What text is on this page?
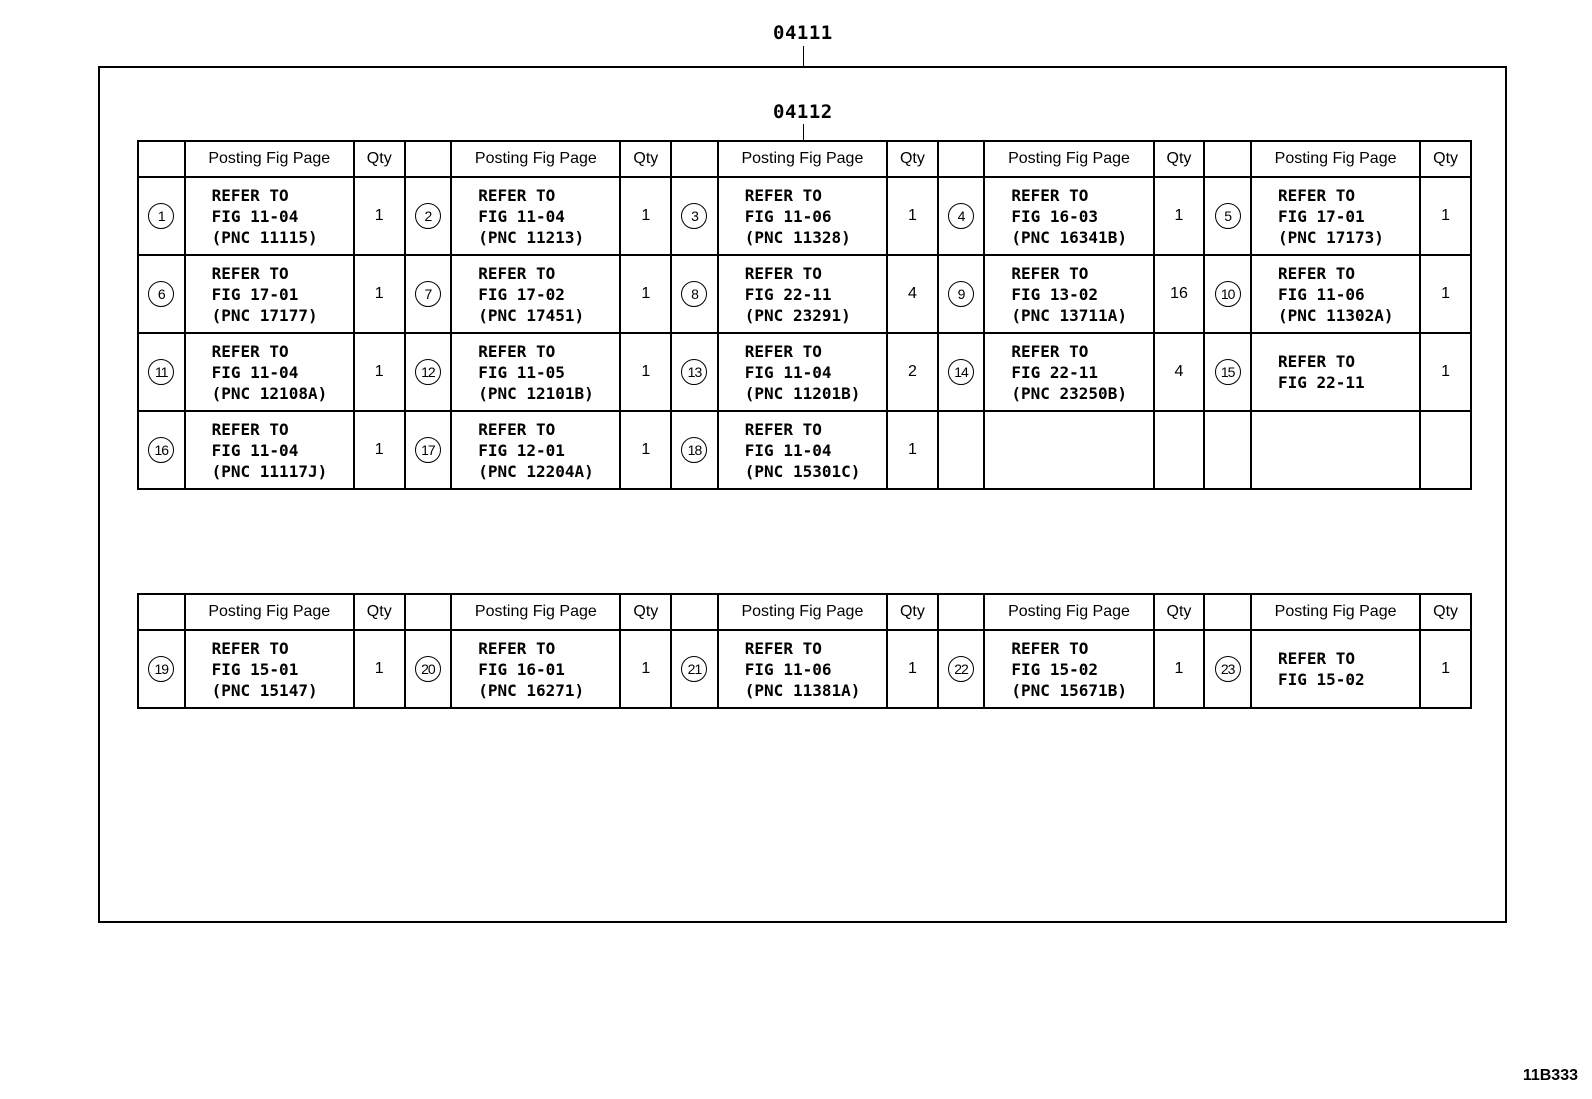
04111
04112
	Posting Fig Page	Qty		Posting Fig Page	Qty		Posting Fig Page	Qty		Posting Fig Page	Qty		Posting Fig Page	Qty
1	REFER TO
FIG 11-04
(PNC 11115)	1	2	REFER TO
FIG 11-04
(PNC 11213)	1	3	REFER TO
FIG 11-06
(PNC 11328)	1	4	REFER TO
FIG 16-03
(PNC 16341B)	1	5	REFER TO
FIG 17-01
(PNC 17173)	1
6	REFER TO
FIG 17-01
(PNC 17177)	1	7	REFER TO
FIG 17-02
(PNC 17451)	1	8	REFER TO
FIG 22-11
(PNC 23291)	4	9	REFER TO
FIG 13-02
(PNC 13711A)	16	10	REFER TO
FIG 11-06
(PNC 11302A)	1
11	REFER TO
FIG 11-04
(PNC 12108A)	1	12	REFER TO
FIG 11-05
(PNC 12101B)	1	13	REFER TO
FIG 11-04
(PNC 11201B)	2	14	REFER TO
FIG 22-11
(PNC 23250B)	4	15	REFER TO
FIG 22-11	1
16	REFER TO
FIG 11-04
(PNC 11117J)	1	17	REFER TO
FIG 12-01
(PNC 12204A)	1	18	REFER TO
FIG 11-04
(PNC 15301C)	1		

	Posting Fig Page	Qty		Posting Fig Page	Qty		Posting Fig Page	Qty		Posting Fig Page	Qty		Posting Fig Page	Qty
19	REFER TO
FIG 15-01
(PNC 15147)	1	20	REFER TO
FIG 16-01
(PNC 16271)	1	21	REFER TO
FIG 11-06
(PNC 11381A)	1	22	REFER TO
FIG 15-02
(PNC 15671B)	1	23	REFER TO
FIG 15-02	1
11B333
